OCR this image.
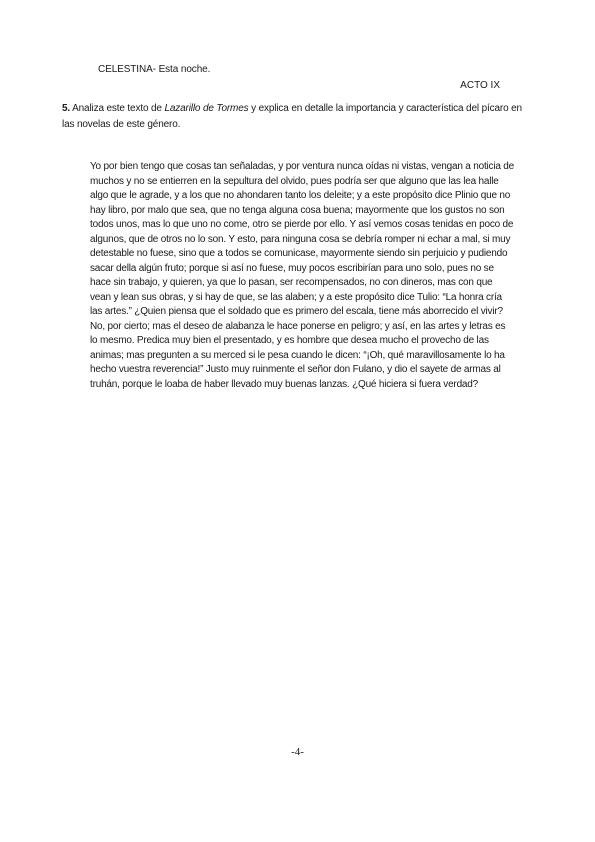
CELESTINA- Esta noche.
ACTO IX
5. Analiza este texto de Lazarillo de Tormes y explica en detalle la importancia y característica del pícaro en las novelas de este género.
Yo por bien tengo que cosas tan señaladas, y por ventura nunca oídas ni vistas, vengan a noticia de muchos y no se entierren en la sepultura del olvido, pues podría ser que alguno que las lea halle algo que le agrade, y a los que no ahondaren tanto los deleite; y a este propósito dice Plinio que no hay libro, por malo que sea, que no tenga alguna cosa buena; mayormente que los gustos no son todos unos, mas lo que uno no come, otro se pierde por ello. Y así vemos cosas tenidas en poco de algunos, que de otros no lo son. Y esto, para ninguna cosa se debría romper ni echar a mal, si muy detestable no fuese, sino que a todos se comunicase, mayormente siendo sin perjuicio y pudiendo sacar della algún fruto; porque si así no fuese, muy pocos escribirían para uno solo, pues no se hace sin trabajo, y quieren, ya que lo pasan, ser recompensados, no con dineros, mas con que vean y lean sus obras, y si hay de que, se las alaben; y a este propósito dice Tulio: “La honra cría las artes.” ¿Quien piensa que el soldado que es primero del escala, tiene más aborrecido el vivir? No, por cierto; mas el deseo de alabanza le hace ponerse en peligro; y así, en las artes y letras es lo mesmo. Predica muy bien el presentado, y es hombre que desea mucho el provecho de las animas; mas pregunten a su merced si le pesa cuando le dicen: “¡Oh, qué maravillosamente lo ha hecho vuestra reverencia!” Justo muy ruinmente el señor don Fulano, y dio el sayete de armas al truhán, porque le loaba de haber llevado muy buenas lanzas. ¿Qué hiciera si fuera verdad?
-4-
